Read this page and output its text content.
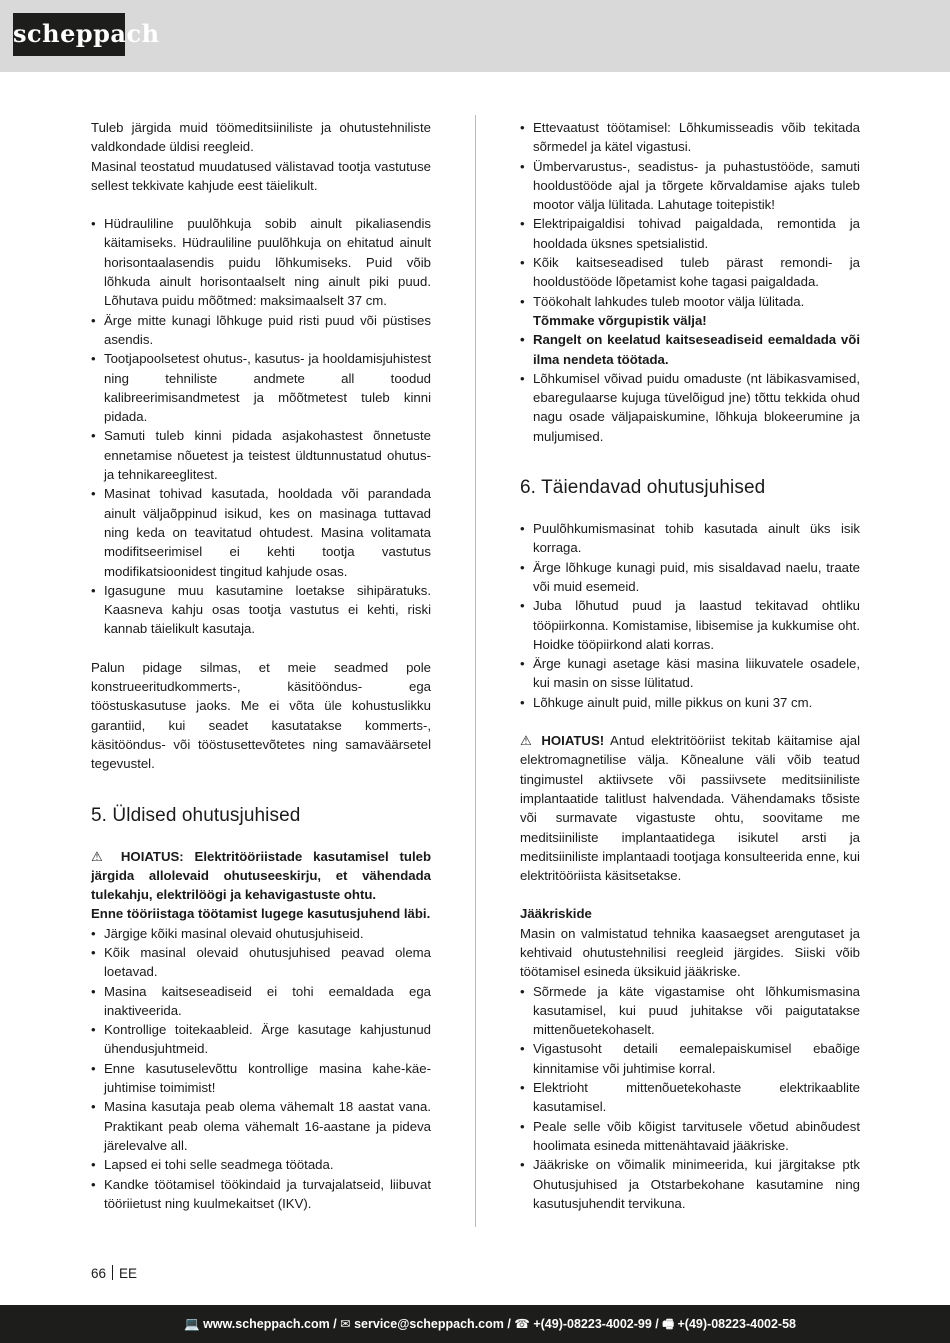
scheppach

Tuleb järgida muid töömeditsiiniliste ja ohutustehniliste valdkondade üldisi reegleid.

Masinal teostatud muudatused välistavad tootja vastutuse sellest tekkivate kahjude eest täielikult.

• Hüdrauliline puulõhkuja sobib ainult pikaliasendis käitamiseks. Hüdrauliline puulõhkuja on ehitatud ainult horisontaalasendis puidu lõhkumiseks. Puid võib lõhkuda ainult horisontaalselt ning ainult piki puud. Lõhutava puidu mõõtmed: maksimaalselt 37 cm.
• Ärge mitte kunagi lõhkuge puid risti puud või püstises asendis.
• Tootjapoolsetest ohutus-, kasutus- ja hooldamisjuhistest ning tehniliste andmete all toodud kalibreerimisandmetest ja mõõtmetest tuleb kinni pidada.
• Samuti tuleb kinni pidada asjakohastest õnnetuste ennetamise nõuetest ja teistest üldtunnustatud ohutus- ja tehnikareeglitest.
• Masinat tohivad kasutada, hooldada või parandada ainult väljaõppinud isikud, kes on masinaga tuttavad ning keda on teavitatud ohtudest. Masina volitamata modifitseerimisel ei kehti tootja vastutus modifikatsioonidest tingitud kahjude osas.
• Igasugune muu kasutamine loetakse sihipäratuks. Kaasneva kahju osas tootja vastutus ei kehti, riski kannab täielikult kasutaja.

Palun pidage silmas, et meie seadmed pole konstrueeritudkommerts-, käsitööndus- ega tööstuskasutuse jaoks. Me ei võta üle kohustuslikku garantiid, kui seadet kasutatakse kommerts-, käsitööndus- või tööstusettevõtetes ning samaväärsetel tegevustel.

5. Üldised ohutusjuhised

⚠ HOIATUS: Elektritööriistade kasutamisel tuleb järgida allolevaid ohutuseeskirju, et vähendada tulekahju, elektrilöögi ja kehavigastuste ohtu.

Enne tööriistaga töötamist lugege kasutusjuhend läbi.

• Järgige kõiki masinal olevaid ohutusjuhiseid.
• Kõik masinal olevaid ohutusjuhised peavad olema loetavad.
• Masina kaitseseadiseid ei tohi eemaldada ega inaktiveerida.
• Kontrollige toitekaableid. Ärge kasutage kahjustunud ühendusjuhtmeid.
• Enne kasutuselevõttu kontrollige masina kahe-käe-juhtimise toimimist!
• Masina kasutaja peab olema vähemalt 18 aastat vana. Praktikant peab olema vähemalt 16-aastane ja pideva järelevalve all.
• Lapsed ei tohi selle seadmega töötada.
• Kandke töötamisel töökindaid ja turvajalatseid, liibuvat tööriietust ning kuulmekaitset (IKV).
• Ettevaatust töötamisel: Lõhkumisseadis võib tekitada sõrmedel ja kätel vigastusi.
• Ümbervarustus-, seadistus- ja puhastustööde, samuti hooldustööde ajal ja tõrgete kõrvaldamise ajaks tuleb mootor välja lülitada. Lahutage toitepistik!
• Elektripaigaldisi tohivad paigaldada, remontida ja hooldada üksnes spetsialistid.
• Kõik kaitseseadised tuleb pärast remondi- ja hooldustööde lõpetamist kohe tagasi paigaldada.
• Töökohalt lahkudes tuleb mootor välja lülitada.
Tõmmake võrgupistik välja!
• Rangelt on keelatud kaitseseadiseid eemaldada või ilma nendeta töötada.
• Lõhkumisel võivad puidu omaduste (nt läbikasvamised, ebaregulaarse kujuga tüvelõigud jne) tõttu tekkida ohud nagu osade väljapaiskumine, lõhkuja blokeerumine ja muljumised.
6. Täiendavad ohutusjuhised
• Puulõhkumismasinat tohib kasutada ainult üks isik korraga.
• Ärge lõhkuge kunagi puid, mis sisaldavad naelu, traate või muid esemeid.
• Juba lõhutud puud ja laastud tekitavad ohtliku tööpiirkonna. Komistamise, libisemise ja kukkumise oht. Hoidke tööpiirkond alati korras.
• Ärge kunagi asetage käsi masina liikuvatele osadele, kui masin on sisse lülitatud.
• Lõhkuge ainult puid, mille pikkus on kuni 37 cm.

⚠ HOIATUS! Antud elektritööriist tekitab käitamise ajal elektromagnetilise välja. Kõnealune väli võib teatud tingimustel aktiivsete või passiivsete meditsiiniliste implantaatide talitlust halvendada. Vähendamaks tõsiste või surmavate vigastuste ohtu, soovitame me meditsiiniliste implantaatidega isikutel arsti ja meditsiiniliste implantaadi tootjaga konsulteerida enne, kui elektritööriista käsitsetakse.

Jääkriskide

Masin on valmistatud tehnika kaasaegset arengutaset ja kehtivaid ohutustehnilisi reegleid järgides. Siiski võib töötamisel esineda üksikuid jääkriske.

• Sõrmede ja käte vigastamise oht lõhkumismasina kasutamisel, kui puud juhitakse või paigutatakse mittenõuetekohaselt.
• Vigastusoht detaili eemalepaiskumisel ebaõige kinnitamise või juhtimise korral.
• Elektrioht mittenõuetekohaste elektrikaablite kasutamisel.
• Peale selle võib kõigist tarvitusele võetud abinõudest hoolimata esineda mittenähtavaid jääkriske.
• Jääkriske on võimalik minimeerida, kui järgitakse ptk Ohutusjuhised ja Otstarbekohane kasutamine ning kasutusjuhendit tervikuna.
66 EE
💻 www.scheppach.com / ✉ service@scheppach.com / ☎ +(49)-08223-4002-99 / 🖷 +(49)-08223-4002-58
